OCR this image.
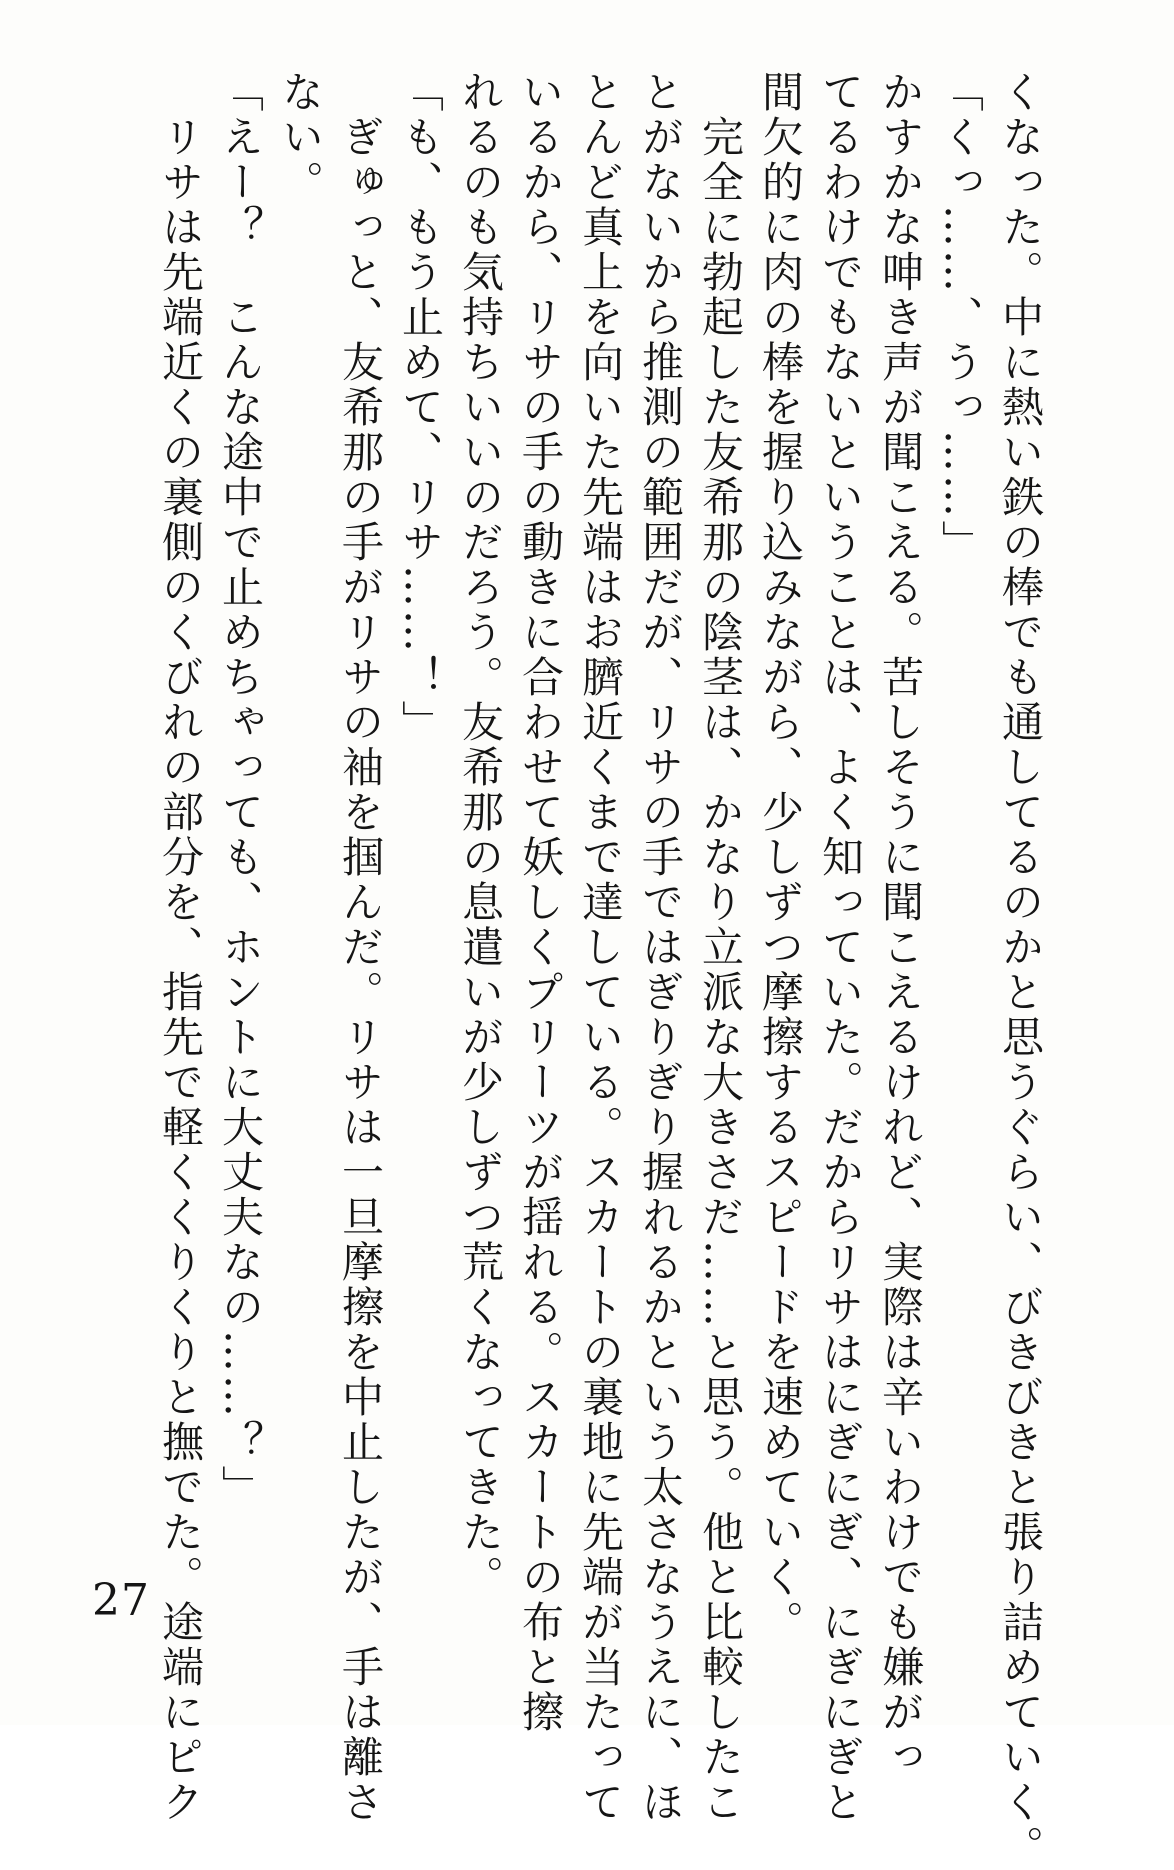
くなった。中に熱い鉄の棒でも通してるのかと思うぐらい、びきびきと張り詰めていく。

「くっ……、うっ……」

かすかな呻き声が聞こえる。苦しそうに聞こえるけれど、実際は辛いわけでも嫌がっ

てるわけでもないということは、よく知っていた。だからリサはにぎにぎ、にぎにぎと

間欠的に肉の棒を握り込みながら、少しずつ摩擦するスピードを速めていく。

　完全に勃起した友希那の陰茎は、かなり立派な大きさだ……と思う。他と比較したこ

とがないから推測の範囲だが、リサの手ではぎりぎり握れるかという太さなうえに、ほ

とんど真上を向いた先端はお臍近くまで達している。スカートの裏地に先端が当たって

いるから、リサの手の動きに合わせて妖しくプリーツが揺れる。スカートの布と擦

れるのも気持ちいいのだろう。友希那の息遣いが少しずつ荒くなってきた。

「も、もう止めて、リサ……！」

　ぎゅっと、友希那の手がリサの袖を掴んだ。リサは一旦摩擦を中止したが、手は離さ

ない。

「えー？　こんな途中で止めちゃっても、ホントに大丈夫なの……？」

　リサは先端近くの裏側のくびれの部分を、指先で軽くくりくりと撫でた。途端にピク

27
